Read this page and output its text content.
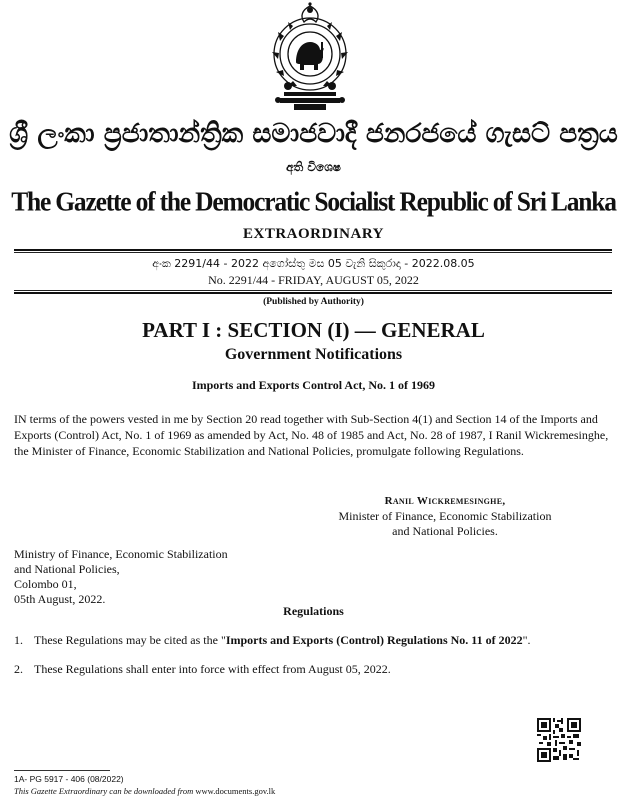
ශ්‍රී ලංකා ප්‍රජාතාන්ත්‍රික සමාජවාදී ජනරජයේ ගැසට් පත්‍රය
අති විශෙෂ
The Gazette of the Democratic Socialist Republic of Sri Lanka
EXTRAORDINARY
අංක 2291/44 - 2022 අගෝස්තු මස 05 වැනි සිකුරාදා - 2022.08.05
No. 2291/44 - FRIDAY, AUGUST 05, 2022
(Published by Authority)
PART I : SECTION (I) — GENERAL
Government Notifications
Imports and Exports Control Act, No. 1 of 1969
IN terms of the powers vested in me by Section 20 read together with Sub-Section 4(1) and Section 14 of the Imports and Exports (Control) Act, No. 1 of 1969 as amended by Act, No. 48 of 1985 and Act, No. 28 of 1987, I Ranil Wickremesinghe, the Minister of Finance, Economic Stabilization and National Policies, promulgate following Regulations.
Ranil Wickremesinghe,
Minister of Finance, Economic Stabilization
and National Policies.
Ministry of Finance, Economic Stabilization
and National Policies,
Colombo 01,
05th August, 2022.
Regulations
1. These Regulations may be cited as the "Imports and Exports (Control) Regulations No. 11 of 2022".
2. These Regulations shall enter into force with effect from August 05, 2022.
1A- PG 5917 - 406 (08/2022)
This Gazette Extraordinary can be downloaded from www.documents.gov.lk
